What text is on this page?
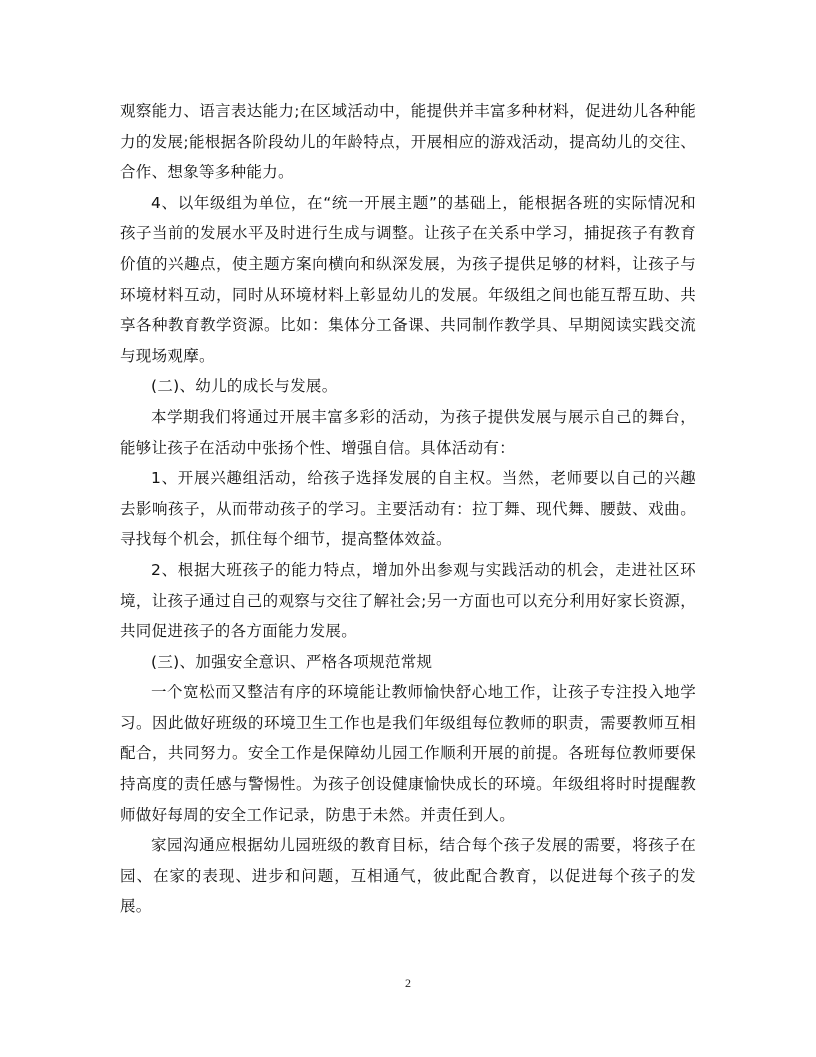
观察能力、语言表达能力;在区域活动中，能提供并丰富多种材料，促进幼儿各种能力的发展;能根据各阶段幼儿的年龄特点，开展相应的游戏活动，提高幼儿的交往、合作、想象等多种能力。

4、以年级组为单位，在“统一开展主题”的基础上，能根据各班的实际情况和孩子当前的发展水平及时进行生成与调整。让孩子在关系中学习，捕捉孩子有教育价值的兴趣点，使主题方案向横向和纵深发展，为孩子提供足够的材料，让孩子与环境材料互动，同时从环境材料上彰显幼儿的发展。年级组之间也能互帮互助、共享各种教育教学资源。比如：集体分工备课、共同制作教学具、早期阅读实践交流与现场观摩。

(二)、幼儿的成长与发展。

本学期我们将通过开展丰富多彩的活动，为孩子提供发展与展示自己的舞台，能够让孩子在活动中张扬个性、增强自信。具体活动有：

1、开展兴趣组活动，给孩子选择发展的自主权。当然，老师要以自己的兴趣去影响孩子，从而带动孩子的学习。主要活动有：拉丁舞、现代舞、腰鼓、戏曲。寻找每个机会，抓住每个细节，提高整体效益。

2、根据大班孩子的能力特点，增加外出参观与实践活动的机会，走进社区环境，让孩子通过自己的观察与交往了解社会;另一方面也可以充分利用好家长资源，共同促进孩子的各方面能力发展。

(三)、加强安全意识、严格各项规范常规

一个宽松而又整洁有序的环境能让教师愉快舒心地工作，让孩子专注投入地学习。因此做好班级的环境卫生工作也是我们年级组每位教师的职责，需要教师互相配合，共同努力。安全工作是保障幼儿园工作顺利开展的前提。各班每位教师要保持高度的责任感与警惕性。为孩子创设健康愉快成长的环境。年级组将时时提醒教师做好每周的安全工作记录，防患于未然。并责任到人。

家园沟通应根据幼儿园班级的教育目标，结合每个孩子发展的需要，将孩子在园、在家的表现、进步和问题，互相通气，彼此配合教育，以促进每个孩子的发展。

2
